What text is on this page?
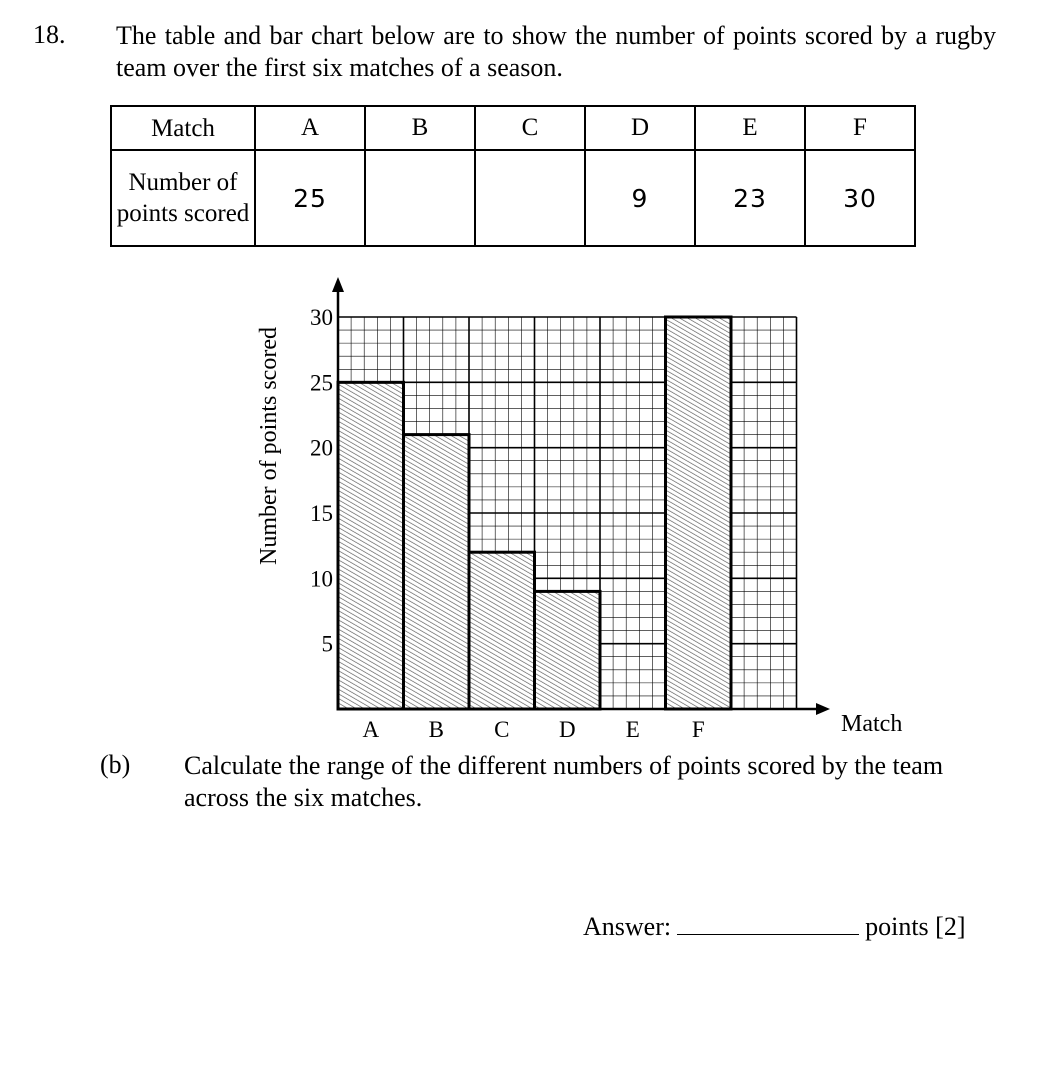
18. The table and bar chart below are to show the number of points scored by a rugby team over the first six matches of a season.
Match	A	B	C	D	E	F
Number of points scored	25			9	23	30
5
10
15
20
25
30
A B C D E F	Match
Number of points scored
(b) Calculate the range of the different numbers of points scored by the team across the six matches.
Answer:	points [2]
